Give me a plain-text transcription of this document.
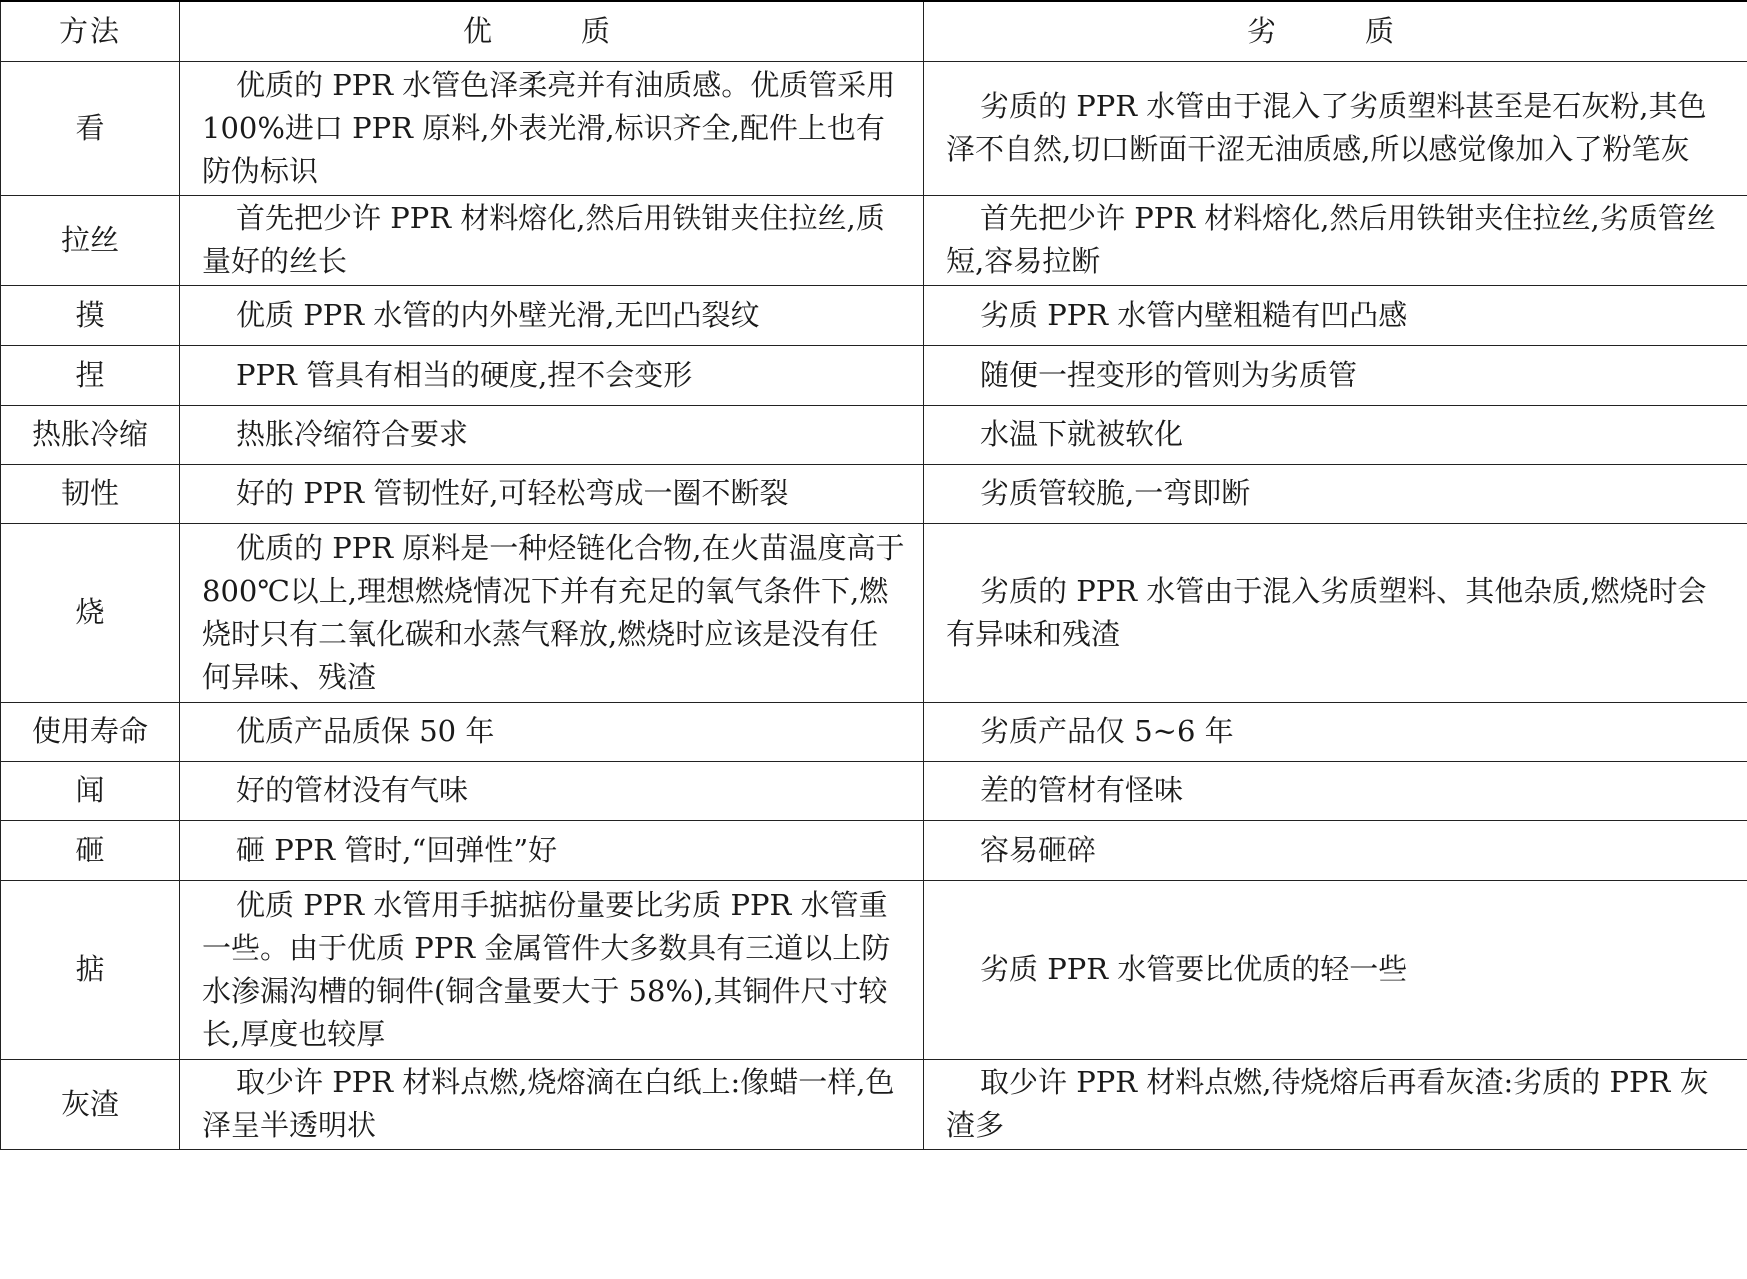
方法	优　质	劣　质
看	优质的 PPR 水管色泽柔亮并有油质感。优质管采用 100%进口 PPR 原料,外表光滑,标识齐全,配件上也有防伪标识	劣质的 PPR 水管由于混入了劣质塑料甚至是石灰粉,其色泽不自然,切口断面干涩无油质感,所以感觉像加入了粉笔灰
拉丝	首先把少许 PPR 材料熔化,然后用铁钳夹住拉丝,质量好的丝长	首先把少许 PPR 材料熔化,然后用铁钳夹住拉丝,劣质管丝短,容易拉断
摸	优质 PPR 水管的内外壁光滑,无凹凸裂纹	劣质 PPR 水管内壁粗糙有凹凸感
捏	PPR 管具有相当的硬度,捏不会变形	随便一捏变形的管则为劣质管
热胀冷缩	热胀冷缩符合要求	水温下就被软化
韧性	好的 PPR 管韧性好,可轻松弯成一圈不断裂	劣质管较脆,一弯即断
烧	优质的 PPR 原料是一种烃链化合物,在火苗温度高于 800℃以上,理想燃烧情况下并有充足的氧气条件下,燃烧时只有二氧化碳和水蒸气释放,燃烧时应该是没有任何异味、残渣	劣质的 PPR 水管由于混入劣质塑料、其他杂质,燃烧时会有异味和残渣
使用寿命	优质产品质保 50 年	劣质产品仅 5~6 年
闻	好的管材没有气味	差的管材有怪味
砸	砸 PPR 管时,“回弹性”好	容易砸碎
掂	优质 PPR 水管用手掂掂份量要比劣质 PPR 水管重一些。由于优质 PPR 金属管件大多数具有三道以上防水渗漏沟槽的铜件(铜含量要大于 58%),其铜件尺寸较长,厚度也较厚	劣质 PPR 水管要比优质的轻一些
灰渣	取少许 PPR 材料点燃,烧熔滴在白纸上:像蜡一样,色泽呈半透明状	取少许 PPR 材料点燃,待烧熔后再看灰渣:劣质的 PPR 灰渣多
